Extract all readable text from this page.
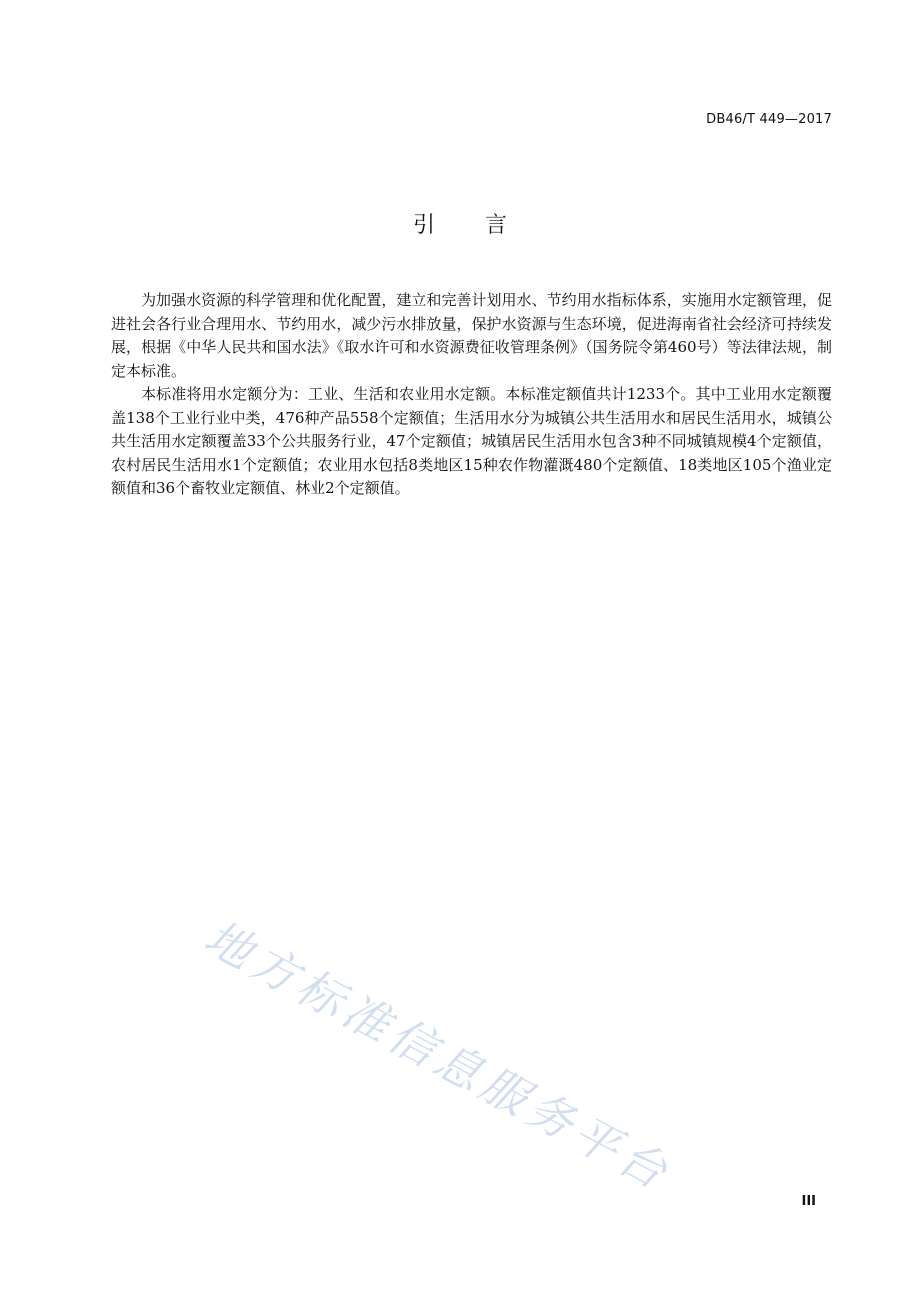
DB46/T 449—2017
引言

为加强水资源的科学管理和优化配置，建立和完善计划用水、节约用水指标体系，实施用水定额管理，促进社会各行业合理用水、节约用水，减少污水排放量，保护水资源与生态环境，促进海南省社会经济可持续发展，根据《中华人民共和国水法》《取水许可和水资源费征收管理条例》（国务院令第460号）等法律法规，制定本标准。

本标准将用水定额分为：工业、生活和农业用水定额。本标准定额值共计1233个。其中工业用水定额覆盖138个工业行业中类，476种产品558个定额值；生活用水分为城镇公共生活用水和居民生活用水，城镇公共生活用水定额覆盖33个公共服务行业，47个定额值；城镇居民生活用水包含3种不同城镇规模4个定额值，农村居民生活用水1个定额值；农业用水包括8类地区15种农作物灌溉480个定额值、18类地区105个渔业定额值和36个畜牧业定额值、林业2个定额值。

地方标准信息服务平台	III
